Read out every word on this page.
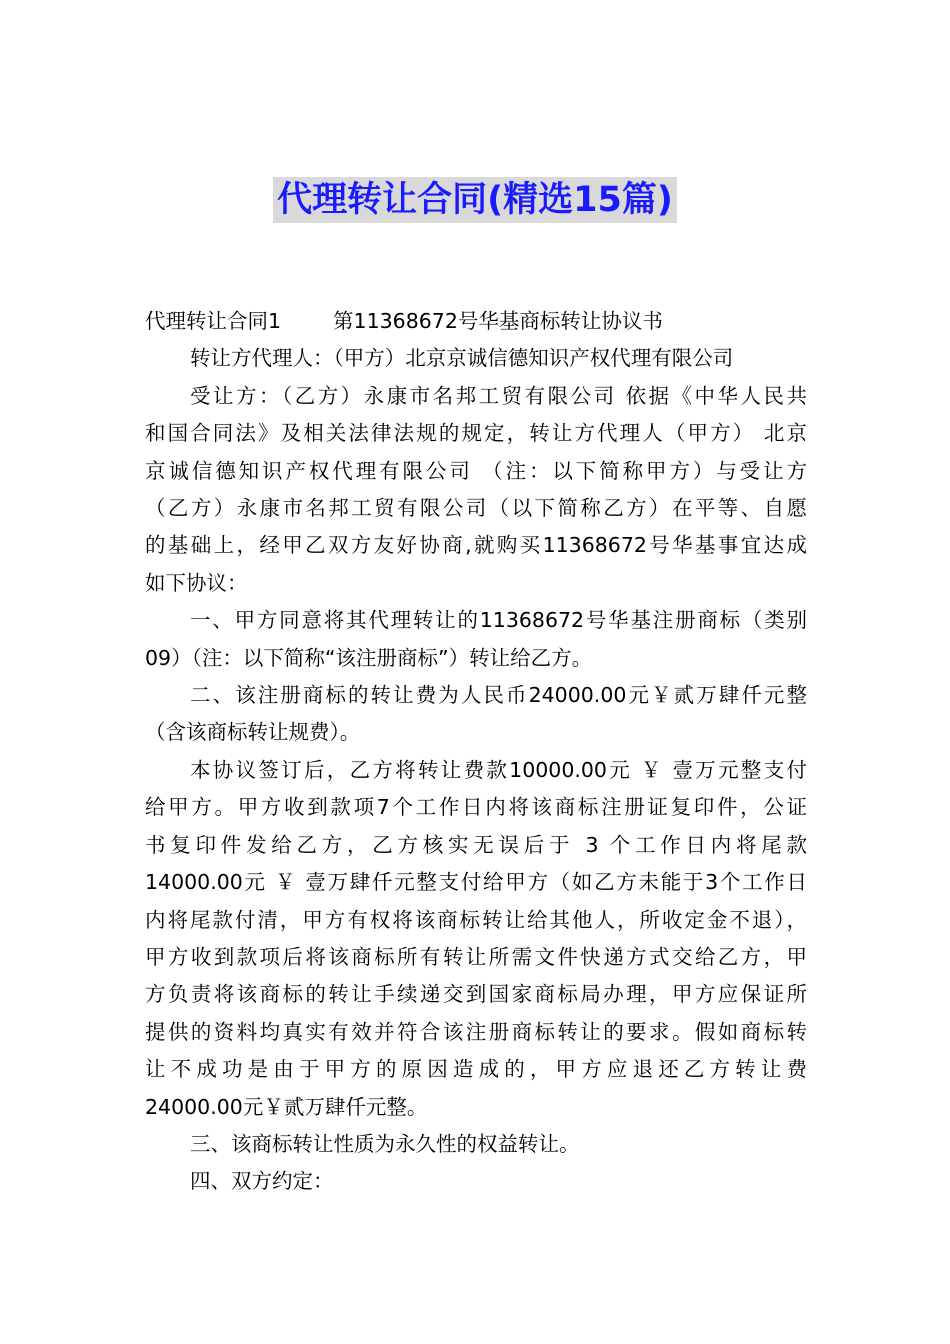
代理转让合同(精选15篇)

代理转让合同1	第11368672号华基商标转让协议书

转让方代理人：（甲方）北京京诚信德知识产权代理有限公司
受让方：（乙方）永康市名邦工贸有限公司 依据《中华人民共
和国合同法》及相关法律法规的规定，转让方代理人（甲方） 北京
京诚信德知识产权代理有限公司 （注：以下简称甲方）与受让方
（乙方）永康市名邦工贸有限公司（以下简称乙方）在平等、自愿
的基础上，经甲乙双方友好协商,就购买11368672号华基事宜达成
如下协议：
一、甲方同意将其代理转让的11368672号华基注册商标（类别
09）（注：以下简称“该注册商标”）转让给乙方。
二、该注册商标的转让费为人民币24000.00元￥贰万肆仟元整
（含该商标转让规费）。
本协议签订后，乙方将转让费款10000.00元 ￥ 壹万元整支付
给甲方。甲方收到款项7个工作日内将该商标注册证复印件，公证
书复印件发给乙方，乙方核实无误后于 3 个工作日内将尾款
14000.00元 ￥ 壹万肆仟元整支付给甲方（如乙方未能于3个工作日
内将尾款付清，甲方有权将该商标转让给其他人，所收定金不退），
甲方收到款项后将该商标所有转让所需文件快递方式交给乙方，甲
方负责将该商标的转让手续递交到国家商标局办理，甲方应保证所
提供的资料均真实有效并符合该注册商标转让的要求。假如商标转
让不成功是由于甲方的原因造成的，甲方应退还乙方转让费
24000.00元￥贰万肆仟元整。
三、该商标转让性质为永久性的权益转让。
四、双方约定：
